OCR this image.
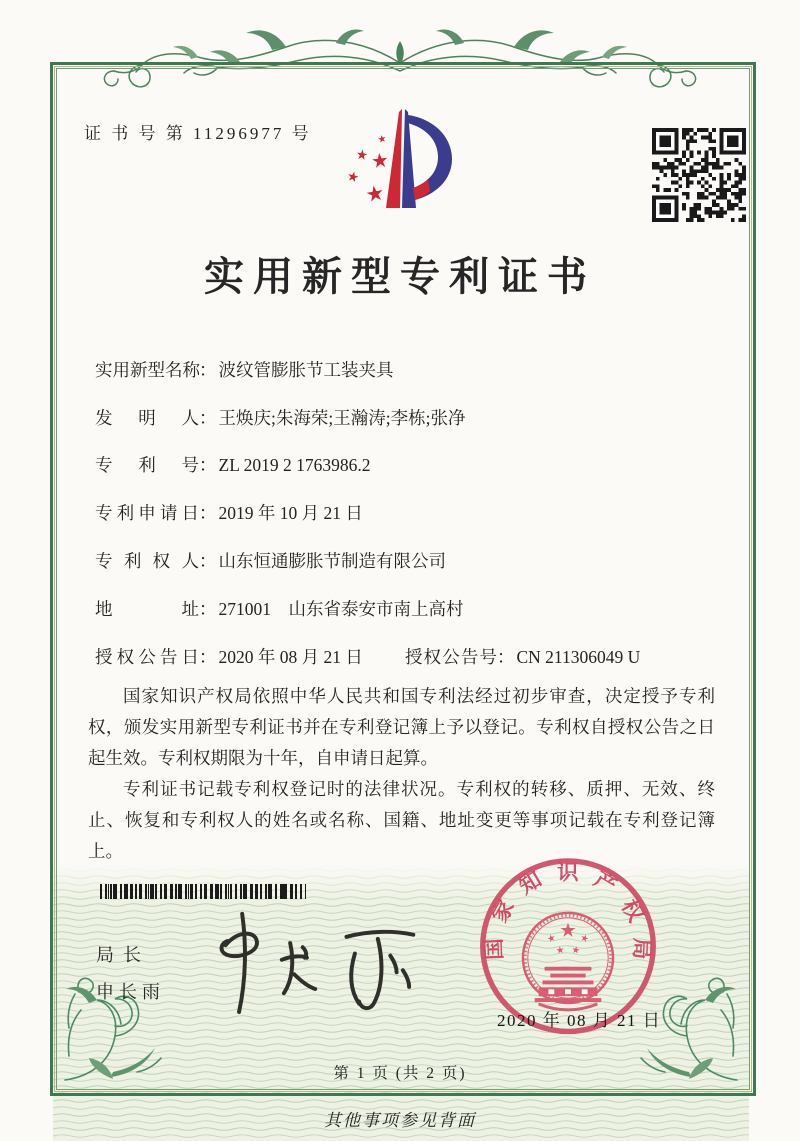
证 书 号 第 11296977 号
实用新型专利证书
实用新型名称： 波纹管膨胀节工装夹具
发明人： 王焕庆;朱海荣;王瀚涛;李栋;张净
专利号： ZL 2019 2 1763986.2
专利申请日： 2019 年 10 月 21 日
专利权人： 山东恒通膨胀节制造有限公司
地址： 271001　山东省泰安市南上高村
授权公告日： 2020 年 08 月 21 日 授权公告号： CN 211306049 U

国家知识产权局依照中华人民共和国专利法经过初步审查，决定授予专利权，颁发实用新型专利证书并在专利登记簿上予以登记。专利权自授权公告之日起生效。专利权期限为十年，自申请日起算。

专利证书记载专利权登记时的法律状况。专利权的转移、质押、无效、终止、恢复和专利权人的姓名或名称、国籍、地址变更等事项记载在专利登记簿上。

局长
申长雨
国家知识产权局
2020 年 08 月 21 日
第 1 页 (共 2 页)
其他事项参见背面
